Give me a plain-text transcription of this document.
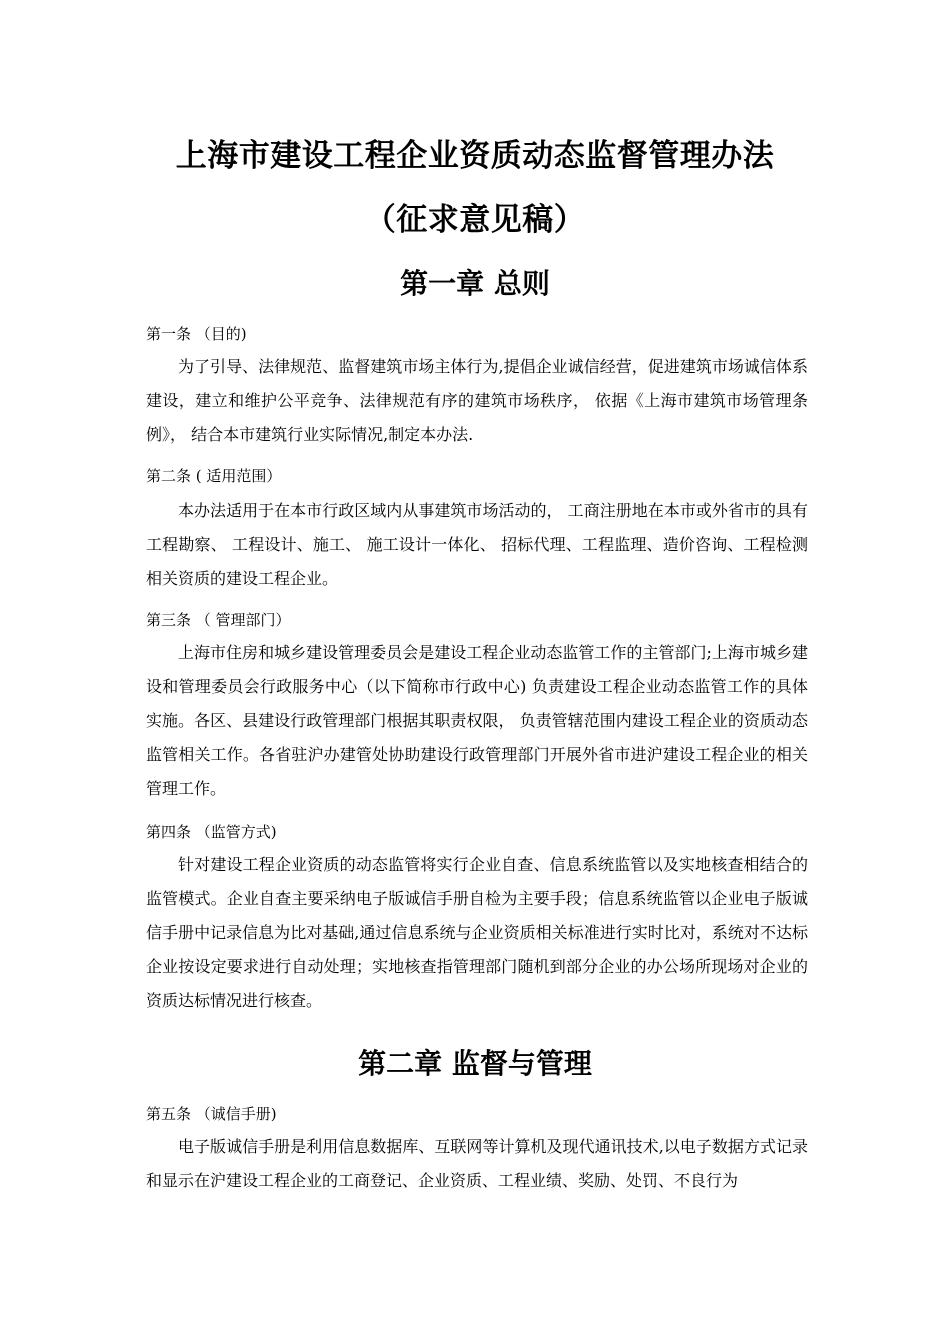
上海市建设工程企业资质动态监督管理办法
（征求意见稿）
第一章 总则
第一条 （目的)
为了引导、法律规范、监督建筑市场主体行为,提倡企业诚信经营，促进建筑市场诚信体系建设，建立和维护公平竞争、法律规范有序的建筑市场秩序， 依据《上海市建筑市场管理条例》， 结合本市建筑行业实际情况,制定本办法.
第二条 ( 适用范围）
本办法适用于在本市行政区域内从事建筑市场活动的， 工商注册地在本市或外省市的具有工程勘察、 工程设计、施工、 施工设计一体化、 招标代理、工程监理、造价咨询、工程检测相关资质的建设工程企业。
第三条 （ 管理部门）
上海市住房和城乡建设管理委员会是建设工程企业动态监管工作的主管部门;上海市城乡建设和管理委员会行政服务中心（以下简称市行政中心) 负责建设工程企业动态监管工作的具体实施。各区、县建设行政管理部门根据其职责权限， 负责管辖范围内建设工程企业的资质动态监管相关工作。各省驻沪办建管处协助建设行政管理部门开展外省市进沪建设工程企业的相关管理工作。
第四条 （监管方式)
针对建设工程企业资质的动态监管将实行企业自查、信息系统监管以及实地核查相结合的监管模式。企业自查主要采纳电子版诚信手册自检为主要手段；信息系统监管以企业电子版诚信手册中记录信息为比对基础,通过信息系统与企业资质相关标准进行实时比对，系统对不达标企业按设定要求进行自动处理；实地核查指管理部门随机到部分企业的办公场所现场对企业的资质达标情况进行核查。
第二章 监督与管理
第五条 （诚信手册)
电子版诚信手册是利用信息数据库、互联网等计算机及现代通讯技术,以电子数据方式记录和显示在沪建设工程企业的工商登记、企业资质、工程业绩、奖励、处罚、不良行为
